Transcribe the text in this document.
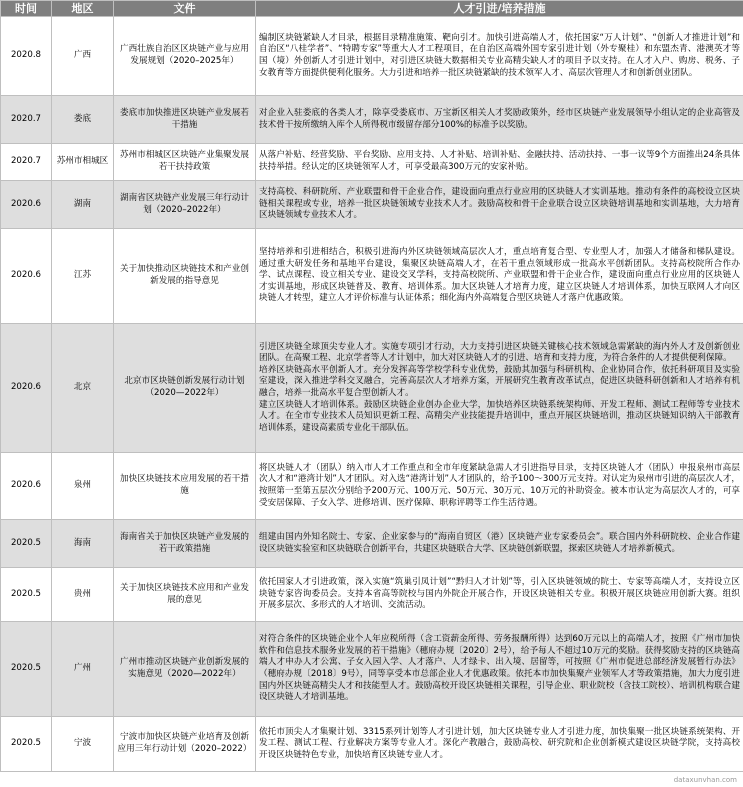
时间	地区	文件	人才引进/培养措施
2020.8	广西	广西壮族自治区区块链产业与应用发展规划（2020–2025年）	编制区块链紧缺人才目录，根据目录精准施策、靶向引才。加快引进高端人才，依托国家“万人计划”、“创新人才推进计划”和自治区“八桂学者”、“特聘专家”等重大人才工程项目，在自治区高端外国专家引进计划（外专聚桂）和东盟杰青、港澳英才等国（境）外创新人才引进计划中，对引进区块链大数据相关专业高精尖缺人才的项目予以支持。在人才入户、购房、税务、子女教育等方面提供便利化服务。大力引进和培养一批区块链紧缺的技术领军人才、高层次管理人才和创新创业团队。

2020.7	娄底	娄底市加快推进区块链产业发展若干措施	对企业入驻娄底的各类人才，除享受娄底市、万宝新区相关人才奖励政策外，经市区块链产业发展领导小组认定的企业高管及技术骨干按所缴纳入库个人所得税市级留存部分100%的标准予以奖励。

2020.7	苏州市相城区	苏州市相城区区块链产业集聚发展若干扶持政策	从落户补贴、经营奖励、平台奖励、应用支持、人才补贴、培训补贴、金融扶持、活动扶持、一事一议等9个方面推出24条具体扶持举措。经认定的区块链领军人才，可享受最高300万元的安家补贴。

2020.6	湖南	湖南省区块链产业发展三年行动计划（2020–2022年）	支持高校、科研院所、产业联盟和骨干企业合作，建设面向重点行业应用的区块链人才实训基地。推动有条件的高校设立区块链相关课程或专业，培养一批区块链领域专业技术人才。鼓励高校和骨干企业联合设立区块链培训基地和实训基地，大力培育区块链领域专业技术人才。

2020.6	江苏	关于加快推动区块链技术和产业创新发展的指导意见	坚持培养和引进相结合，积极引进海内外区块链领域高层次人才，重点培育复合型、专业型人才，加强人才储备和梯队建设。通过重大研发任务和基地平台建设，集聚区块链高端人才，在若干重点领域形成一批高水平创新团队。支持高校院所合作办学、试点课程、设立相关专业、建设交叉学科，支持高校院所、产业联盟和骨干企业合作，建设面向重点行业应用的区块链人才实训基地，形成区块链普及、教育、培训体系。加大区块链人才培育力度，建立区块链人才培训体系，加快互联网人才向区块链人才转型，建立人才评价标准与认证体系；细化海内外高端复合型区块链人才落户优惠政策。

2020.6	北京	北京市区块链创新发展行动计划（2020—2022年）	引进区块链全球顶尖专业人才。实施专项引才行动，大力支持引进区块链关键核心技术领域急需紧缺的海内外人才及创新创业团队。在高聚工程、北京学者等人才计划中，加大对区块链人才的引进、培育和支持力度，为符合条件的人才提供便利保障。
培养区块链高水平创新人才。充分发挥高等学校学科专业优势，鼓励其加强与科研机构、企业协同合作，依托科研项目及实验室建设，深入推进学科交叉融合，完善高层次人才培养方案，开展研究生教育改革试点，促进区块链科研创新和人才培养有机融合，培养一批高水平复合型创新人才。
建立区块链人才培训体系。鼓励区块链企业创办企业大学，加快培养区块链系统架构师、开发工程师、测试工程师等专业技术人才。在全市专业技术人员知识更新工程、高精尖产业技能提升培训中，重点开展区块链培训，推动区块链知识纳入干部教育培训体系，建设高素质专业化干部队伍。

2020.6	泉州	加快区块链技术应用发展的若干措施	将区块链人才（团队）纳入市人才工作重点和全市年度紧缺急需人才引进指导目录，支持区块链人才（团队）申报泉州市高层次人才和“港湾计划”人才团队。对入选“港湾计划”人才团队的，给予100～300万元支持。对认定为泉州市引进的高层次人才，按照第一至第五层次分别给予200万元、100万元、50万元、30万元、10万元的补助资金。被本市认定为高层次人才的，可享受安居保障、子女入学、进修培训、医疗保障、职称评聘等工作生活待遇。

2020.5	海南	海南省关于加快区块链产业发展的若干政策措施	组建由国内外知名院士、专家、企业家参与的“海南自贸区（港）区块链产业专家委员会”。联合国内外科研院校、企业合作建设区块链实验室和区块链联合创新平台，共建区块链联合大学、区块链创新联盟，探索区块链人才培养新模式。

2020.5	贵州	关于加快区块链技术应用和产业发展的意见	依托国家人才引进政策，深入实施“筑巢引凤计划”“黔归人才计划”等，引入区块链领域的院士、专家等高端人才，支持设立区块链专家咨询委员会。支持本省高等院校与国内外院企开展合作，开设区块链相关专业。积极开展区块链应用创新大赛。组织开展多层次、多形式的人才培训、交流活动。

2020.5	广州	广州市推动区块链产业创新发展的实施意见（2020—2022年）	对符合条件的区块链企业个人年应税所得（含工资薪金所得、劳务报酬所得）达到60万元以上的高端人才，按照《广州市加快软件和信息技术服务业发展的若干措施》（穗府办规〔2020〕2号），给予每人不超过10万元的奖励。获得奖励支持的区块链高端人才申办人才公寓、子女入园入学、人才落户、人才绿卡、出入境、居留等，可按照《广州市促进总部经济发展暂行办法》（穗府办规〔2018〕9号），同等享受本市总部企业人才优惠政策。依托本市加快集聚产业领军人才等政策措施，加大力度引进国内外区块链高精尖人才和技能型人才。鼓励高校开设区块链相关课程，引导企业、职业院校（含技工院校）、培训机构联合建设区块链人才培训基地。

2020.5	宁波	宁波市加快区块链产业培育及创新应用三年行动计划（2020–2022）	依托市顶尖人才集聚计划、3315系列计划等人才引进计划，加大区块链专业人才引进力度，加快集聚一批区块链系统架构、开发工程、测试工程、行业解决方案等专业人才。深化产教融合，鼓励高校、研究院和企业创新模式建设区块链学院，支持高校开设区块链特色专业，加快培育区块链专业人才。
dataxunvhan.com
